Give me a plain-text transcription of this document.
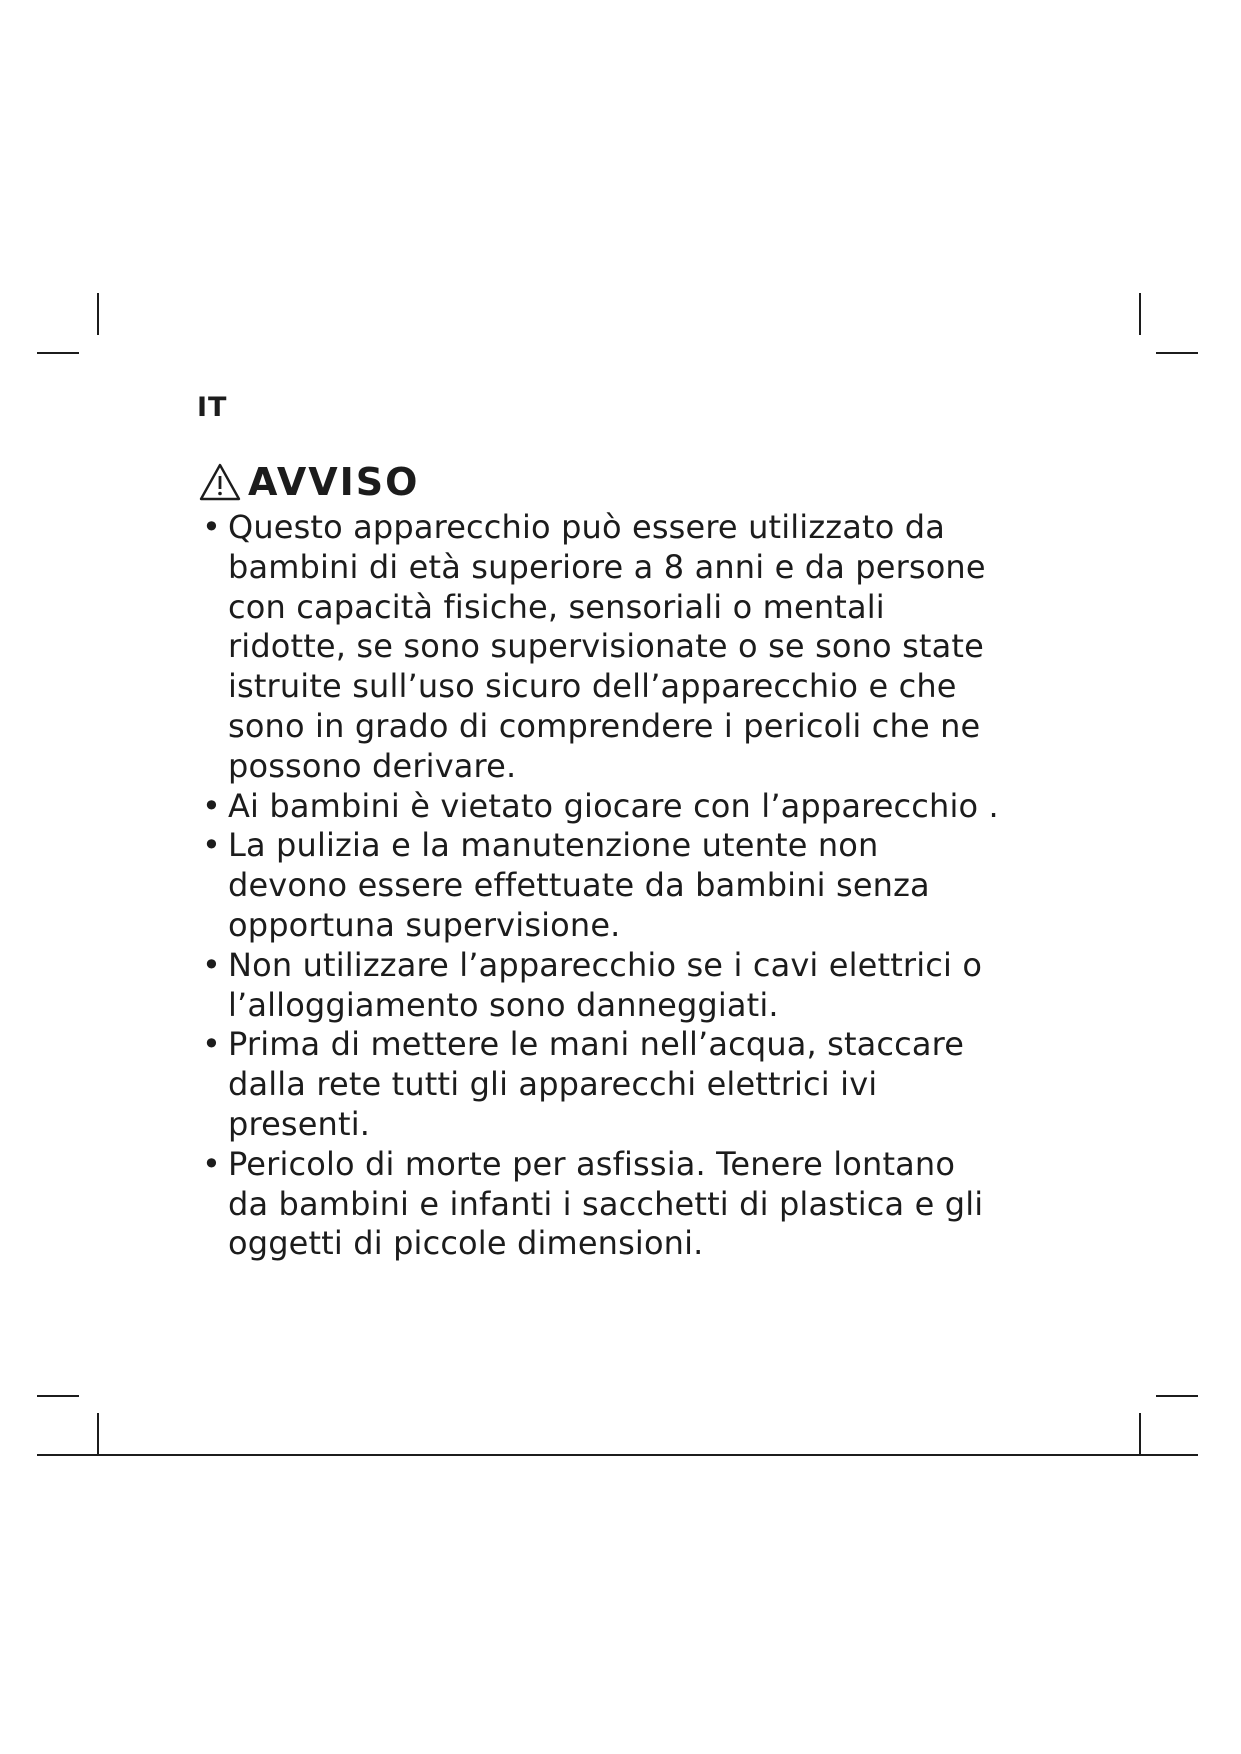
IT
AVVISO
• Questo apparecchio può essere utilizzato da
bambini di età superiore a 8 anni e da persone
con capacità fisiche, sensoriali o mentali
ridotte, se sono supervisionate o se sono state
istruite sull’uso sicuro dell’apparecchio e che
sono in grado di comprendere i pericoli che ne
possono derivare.
• Ai bambini è vietato giocare con l’apparecchio .
• La pulizia e la manutenzione utente non
devono essere effettuate da bambini senza
opportuna supervisione.
• Non utilizzare l’apparecchio se i cavi elettrici o
l’alloggiamento sono danneggiati.
• Prima di mettere le mani nell’acqua, staccare
dalla rete tutti gli apparecchi elettrici ivi
presenti.
• Pericolo di morte per asfissia. Tenere lontano
da bambini e infanti i sacchetti di plastica e gli
oggetti di piccole dimensioni.
